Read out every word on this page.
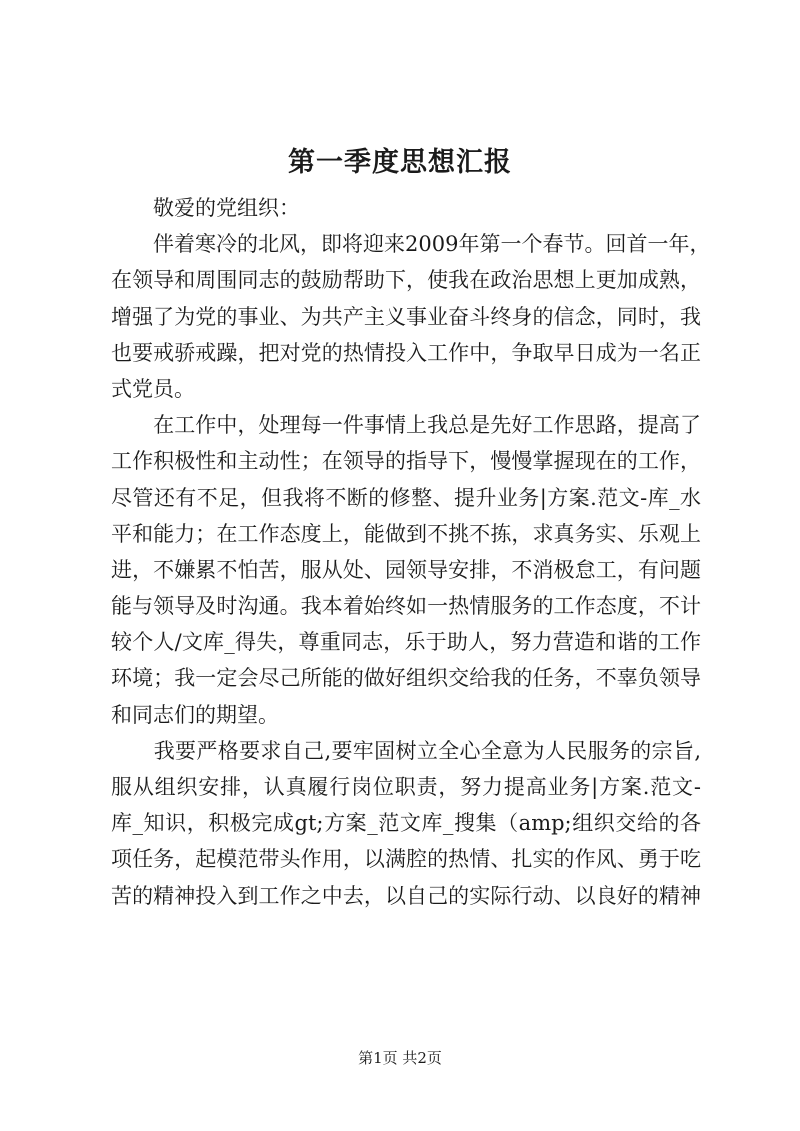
第一季度思想汇报
　　敬爱的党组织：
　　伴着寒冷的北风，即将迎来2009年第一个春节。回首一年，
在领导和周围同志的鼓励帮助下，使我在政治思想上更加成熟，
增强了为党的事业、为共产主义事业奋斗终身的信念，同时，我
也要戒骄戒躁，把对党的热情投入工作中，争取早日成为一名正
式党员。
　　在工作中，处理每一件事情上我总是先好工作思路，提高了
工作积极性和主动性；在领导的指导下，慢慢掌握现在的工作，
尽管还有不足，但我将不断的修整、提升业务|方案.范文-库_水
平和能力；在工作态度上，能做到不挑不拣，求真务实、乐观上
进，不嫌累不怕苦，服从处、园领导安排，不消极怠工，有问题
能与领导及时沟通。我本着始终如一热情服务的工作态度，不计
较个人/文库_得失，尊重同志，乐于助人，努力营造和谐的工作
环境；我一定会尽己所能的做好组织交给我的任务，不辜负领导
和同志们的期望。
　　我要严格要求自己,要牢固树立全心全意为人民服务的宗旨,
服从组织安排，认真履行岗位职责，努力提高业务|方案.范文-
库_知识，积极完成gt;方案_范文库_搜集（amp;组织交给的各
项任务，起模范带头作用，以满腔的热情、扎实的作风、勇于吃
苦的精神投入到工作之中去，以自己的实际行动、以良好的精神
第1页 共2页
